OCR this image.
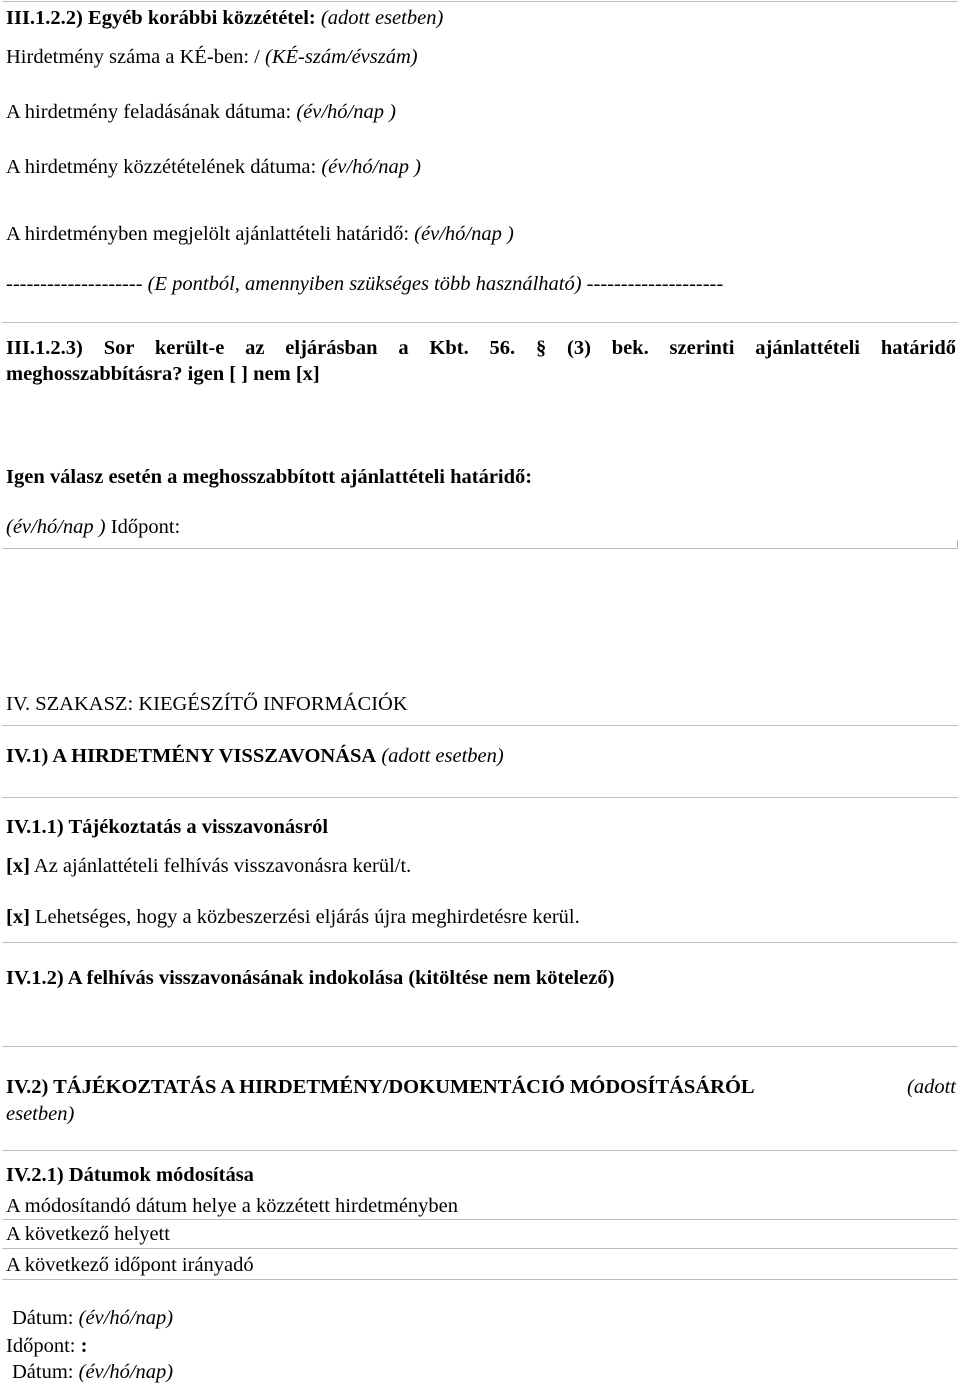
III.1.2.2) Egyéb korábbi közzététel: (adott esetben)
Hirdetmény száma a KÉ-ben: / (KÉ-szám/évszám)
A hirdetmény feladásának dátuma: (év/hó/nap )
A hirdetmény közzétételének dátuma: (év/hó/nap )
A hirdetményben megjelölt ajánlattételi határidő: (év/hó/nap )
-------------------- (E pontból, amennyiben szükséges több használható) --------------------
III.1.2.3) Sor került-e az eljárásban a Kbt. 56. § (3) bek. szerinti ajánlattételi határidő
meghosszabbításra? igen [ ] nem [x]
Igen válasz esetén a meghosszabbított ajánlattételi határidő:
(év/hó/nap ) Időpont:
IV. SZAKASZ: KIEGÉSZÍTŐ INFORMÁCIÓK
IV.1) A HIRDETMÉNY VISSZAVONÁSA (adott esetben)
IV.1.1) Tájékoztatás a visszavonásról
[x] Az ajánlattételi felhívás visszavonásra kerül/t.
[x] Lehetséges, hogy a közbeszerzési eljárás újra meghirdetésre kerül.
IV.1.2) A felhívás visszavonásának indokolása (kitöltése nem kötelező)
IV.2) TÁJÉKOZTATÁS A HIRDETMÉNY/DOKUMENTÁCIÓ MÓDOSÍTÁSÁRÓL	(adott
esetben)
IV.2.1) Dátumok módosítása
A módosítandó dátum helye a közzétett hirdetményben
A következő helyett
A következő időpont irányadó
Dátum: (év/hó/nap)
Időpont: :
Dátum: (év/hó/nap)
